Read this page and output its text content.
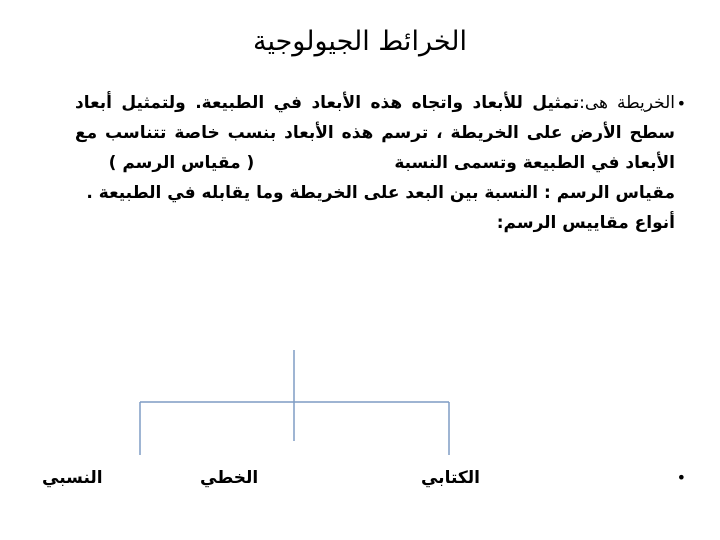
الخرائط الجيولوجية
•

الخريطة هى:تمثيل للأبعاد واتجاه هذه الأبعاد في الطبيعة. ولتمثيل أبعاد سطح الأرض على الخريطة ، ترسم هذه الأبعاد بنسب خاصة تتناسب مع الأبعاد في الطبيعة وتسمى النسبة( مقياس الرسم )

مقياس الرسم : النسبة بين البعد على الخريطة وما يقابله في الطبيعة .

أنواع مقاييس الرسم:

•
الكتابي
الخطي
النسبي
